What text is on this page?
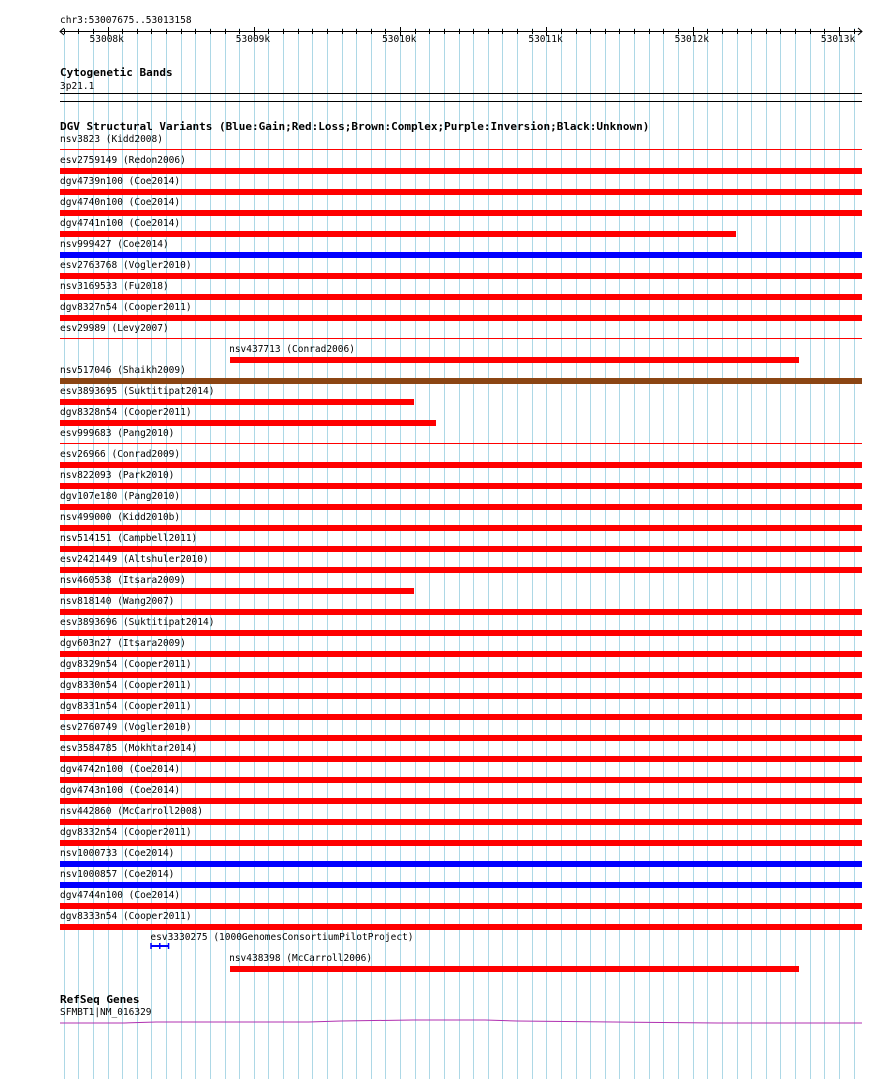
chr3:53007675..53013158
Cytogenetic Bands
3p21.1
DGV Structural Variants (Blue:Gain;Red:Loss;Brown:Complex;Purple:Inversion;Black:Unknown)
nsv3823 (Kidd2008)
esv2759149 (Redon2006)
dgv4739n100 (Coe2014)
dgv4740n100 (Coe2014)
dgv4741n100 (Coe2014)
nsv999427 (Coe2014)
esv2763768 (Vogler2010)
nsv3169533 (Fu2018)
dgv8327n54 (Cooper2011)
esv29989 (Levy2007)
nsv437713 (Conrad2006)
nsv517046 (Shaikh2009)
esv3893695 (Suktitipat2014)
dgv8328n54 (Cooper2011)
esv999683 (Pang2010)
esv26966 (Conrad2009)
nsv822093 (Park2010)
dgv107e180 (Pang2010)
nsv499000 (Kidd2010b)
nsv514151 (Campbell2011)
esv2421449 (Altshuler2010)
nsv460538 (Itsara2009)
nsv818140 (Wang2007)
esv3893696 (Suktitipat2014)
dgv603n27 (Itsara2009)
dgv8329n54 (Cooper2011)
dgv8330n54 (Cooper2011)
dgv8331n54 (Cooper2011)
esv2760749 (Vogler2010)
esv3584785 (Mokhtar2014)
dgv4742n100 (Coe2014)
dgv4743n100 (Coe2014)
nsv442860 (McCarroll2008)
dgv8332n54 (Cooper2011)
nsv1000733 (Coe2014)
nsv1000857 (Coe2014)
dgv4744n100 (Coe2014)
dgv8333n54 (Cooper2011)
esv3330275 (1000GenomesConsortiumPilotProject)
nsv438398 (McCarroll2006)
RefSeq Genes
SFMBT1|NM_016329
53008k	53009k	53010k	53011k	53012k	53013k
